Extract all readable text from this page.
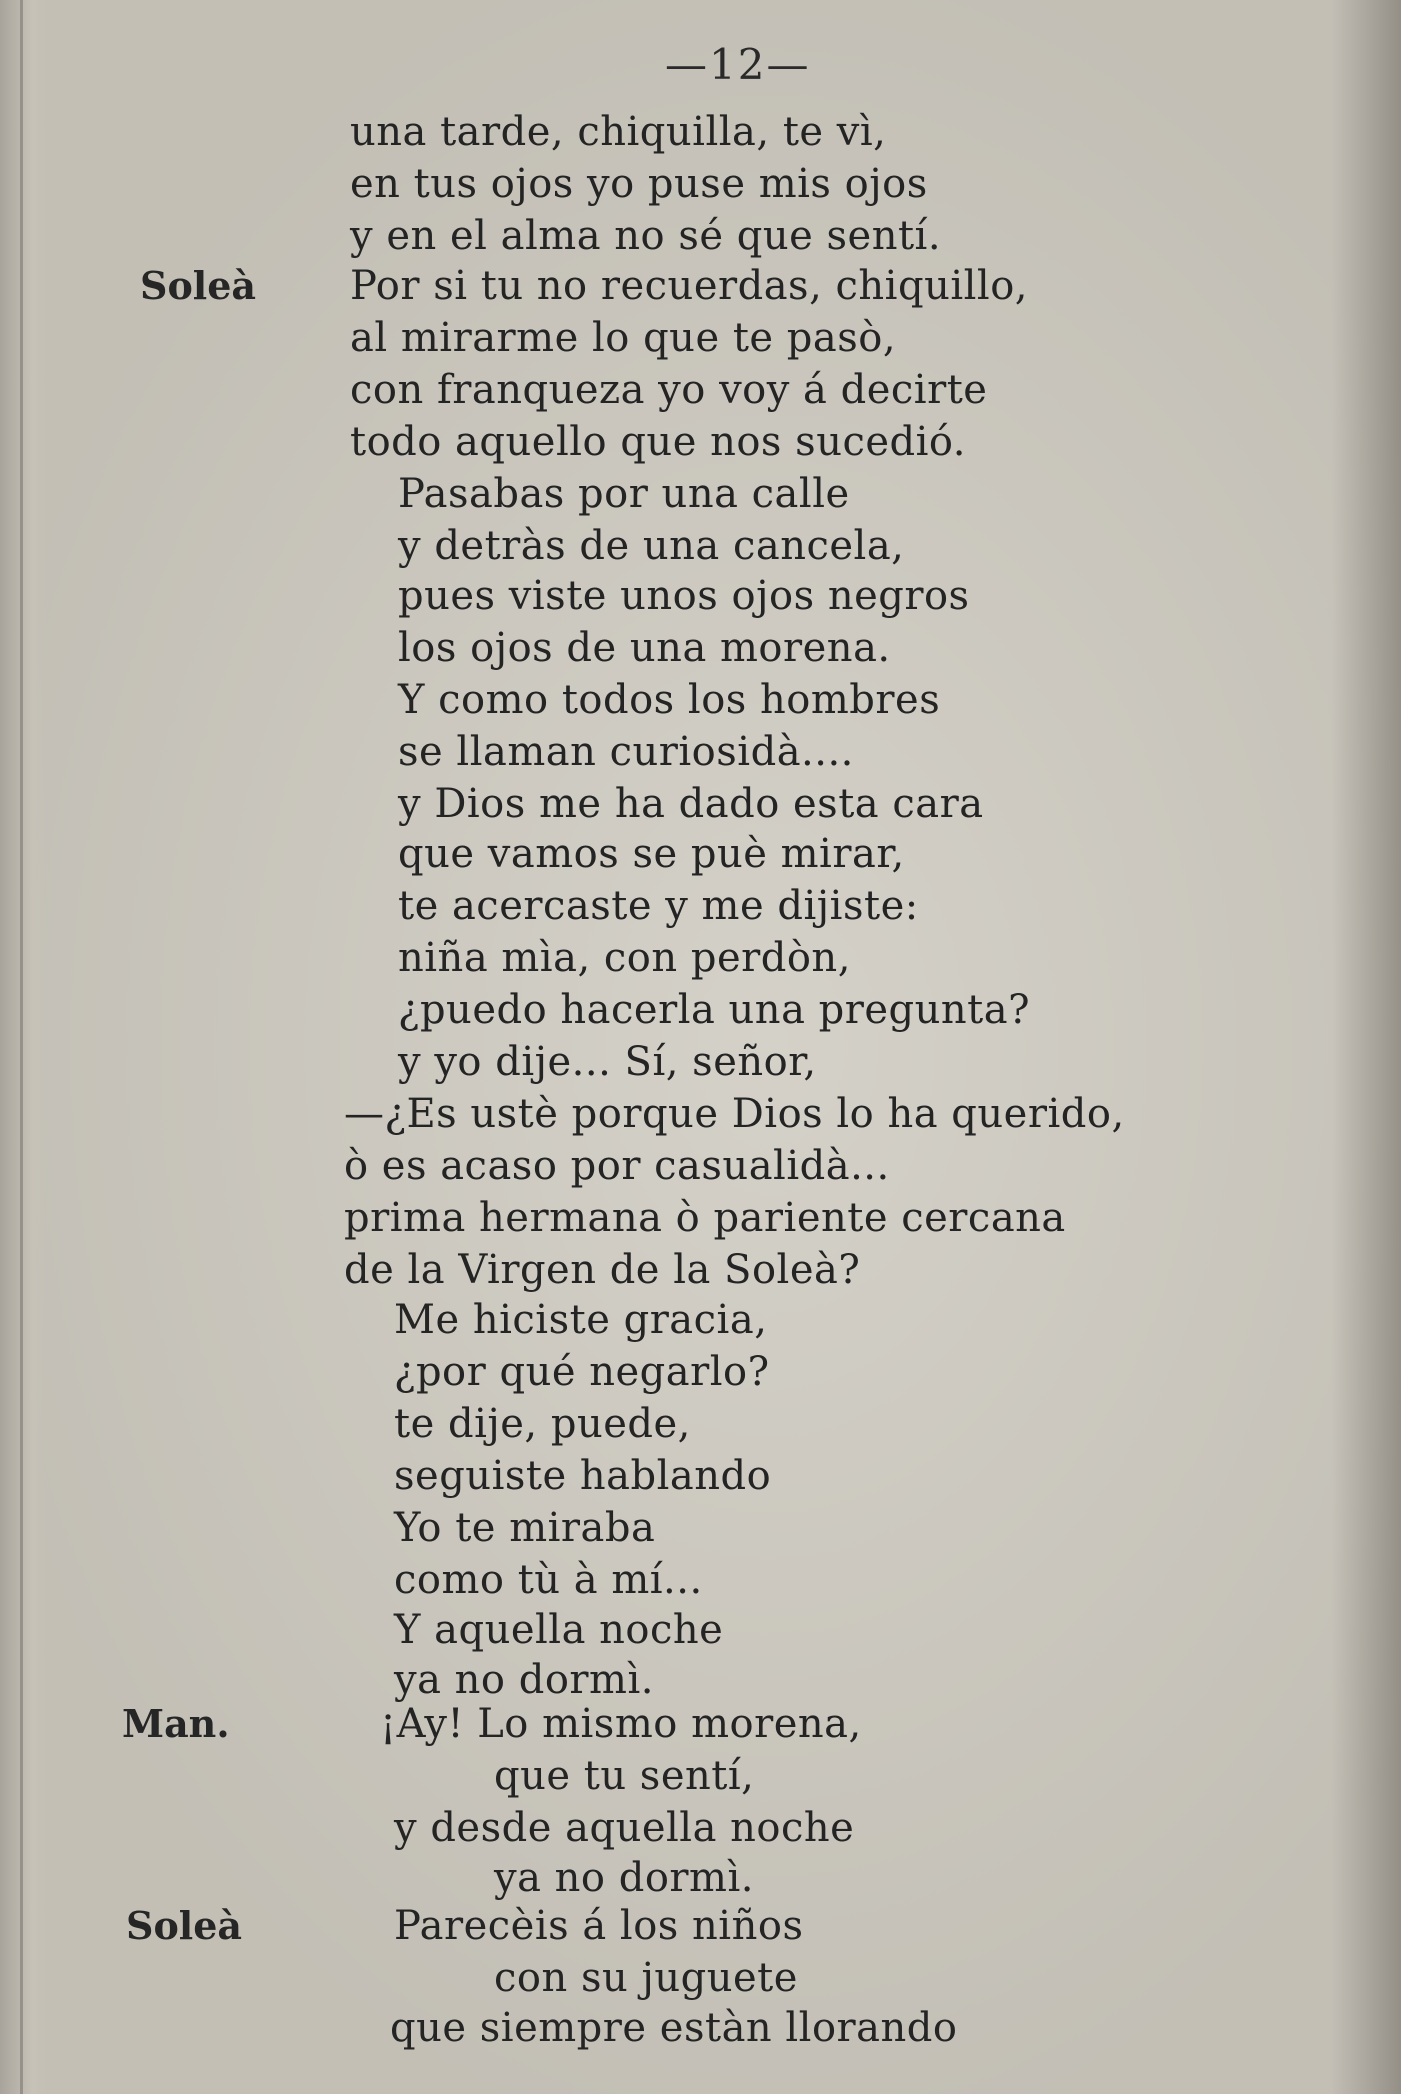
—12—
Soleà
Man.
Soleà
una tarde, chiquilla, te vì,
en tus ojos yo puse mis ojos
y en el alma no sé que sentí.
Por si tu no recuerdas, chiquillo,
al mirarme lo que te pasò,
con franqueza yo voy á decirte
todo aquello que nos sucedió.
Pasabas por una calle
y detràs de una cancela,
pues viste unos ojos negros
los ojos de una morena.
Y como todos los hombres
se llaman curiosidà....
y Dios me ha dado esta cara
que vamos se puè mirar,
te acercaste y me dijiste:
niña mìa, con perdòn,
¿puedo hacerla una pregunta?
y yo dije... Sí, señor,
—¿Es ustè porque Dios lo ha querido,
ò es acaso por casualidà...
prima hermana ò pariente cercana
de la Virgen de la Soleà?
Me hiciste gracia,
¿por qué negarlo?
te dije, puede,
seguiste hablando
Yo te miraba
como tù à mí...
Y aquella noche
ya no dormì.
¡Ay! Lo mismo morena,
que tu sentí,
y desde aquella noche
ya no dormì.
Parecèis á los niños
con su juguete
que siempre estàn llorando
